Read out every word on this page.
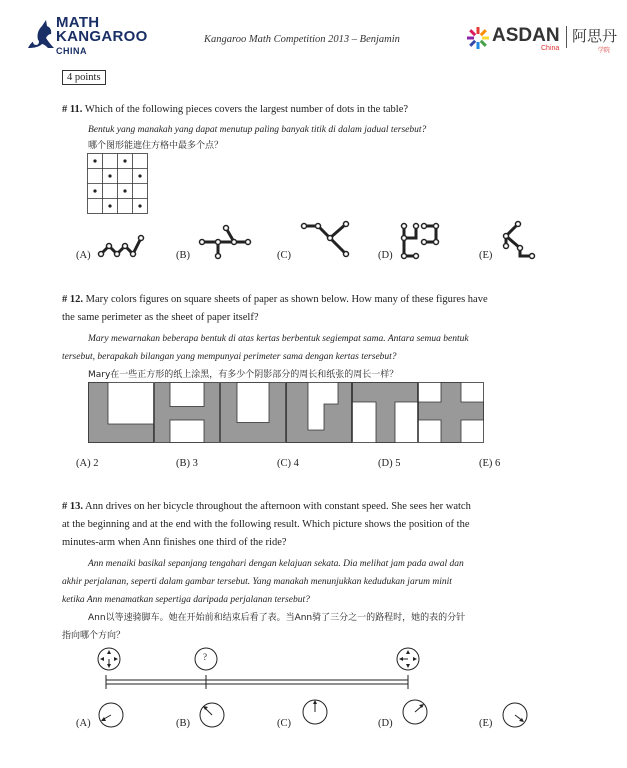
MATH
KANGAROO
CHINA
Kangaroo Math Competition 2013 – Benjamin	ASDAN
China
阿思丹
学院
4 points
# 11. Which of the following pieces covers the largest number of dots in the table?
Bentuk yang manakah yang dapat menutup paling banyak titik di dalam jadual tersebut?
哪个图形能遮住方格中最多个点？
(A)	(B)	(C)	(D)	(E)
# 12. Mary colors figures on square sheets of paper as shown below. How many of these figures have
the same perimeter as the sheet of paper itself?
Mary mewarnakan beberapa bentuk di atas kertas berbentuk segiempat sama. Antara semua bentuk
tersebut, berapakah bilangan yang mempunyai perimeter sama dengan kertas tersebut?
Mary在一些正方形的纸上涂黑，有多少个阴影部分的周长和纸张的周长一样？
(A) 2	(B) 3	(C) 4	(D) 5	(E) 6
# 13. Ann drives on her bicycle throughout the afternoon with constant speed. She sees her watch
at the beginning and at the end with the following result. Which picture shows the position of the
minutes-arm when Ann finishes one third of the ride?
Ann menaiki basikal sepanjang tengahari dengan kelajuan sekata. Dia melihat jam pada awal dan
akhir perjalanan, seperti dalam gambar tersebut. Yang manakah menunjukkan kedudukan jarum minit
ketika Ann menamatkan sepertiga daripada perjalanan tersebut?
Ann以等速骑脚车。她在开始前和结束后看了表。当Ann骑了三分之一的路程时，她的表的分针
指向哪个方向？
?
(A)	(B)	(C)	(D)	(E)
